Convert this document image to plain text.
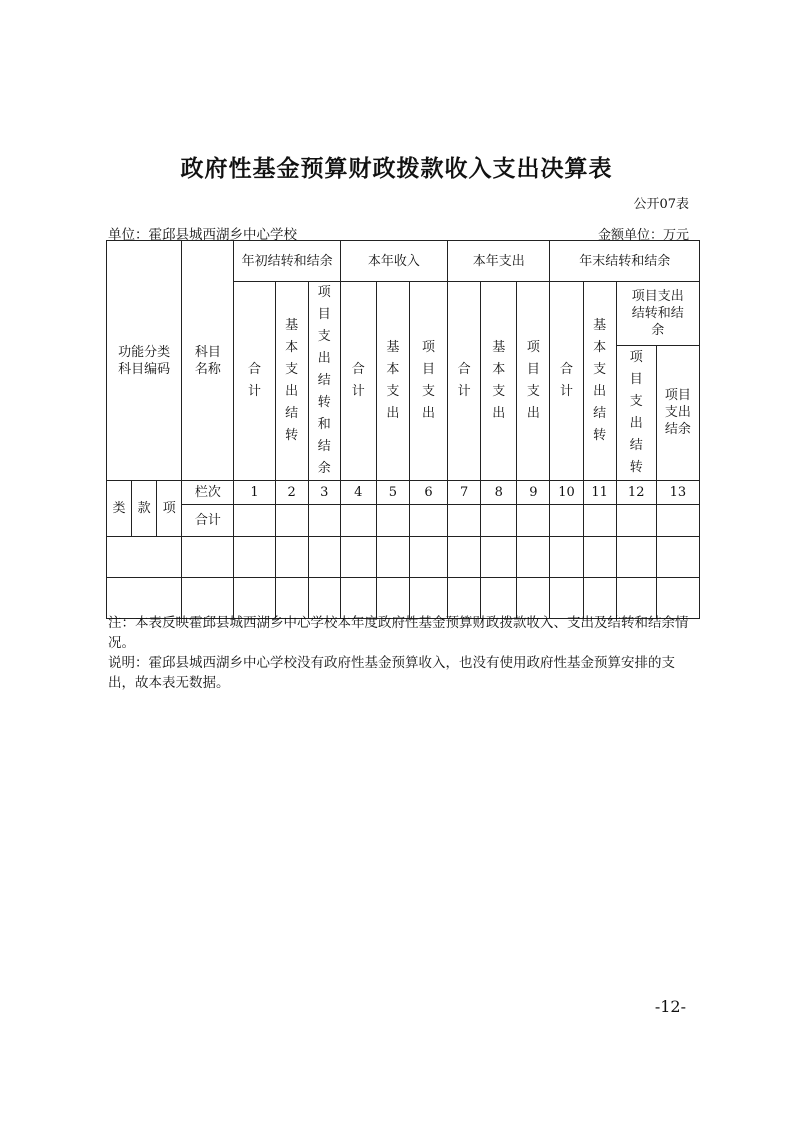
政府性基金预算财政拨款收入支出决算表
公开07表
单位：霍邱县城西湖乡中心学校	金额单位：万元
功能分类科目编码			科目名称	年初结转和结余			本年收入			本年支出			年末结转和结余			
				合计	基本支出结转	项目支出结转和结余	合计	基本支出	项目支出	合计	基本支出	项目支出	合计	基本支出结转	项目支出结转和结余	

															项目支出结转	项目支出结余

类	款	项	栏次	1	2	3	4	5	6	7	8	9	10	11	12	13
			合计													

注：本表反映霍邱县城西湖乡中心学校本年度政府性基金预算财政拨款收入、支出及结转和结余情况。
说明：霍邱县城西湖乡中心学校没有政府性基金预算收入，也没有使用政府性基金预算安排的支出，故本表无数据。
-12-
